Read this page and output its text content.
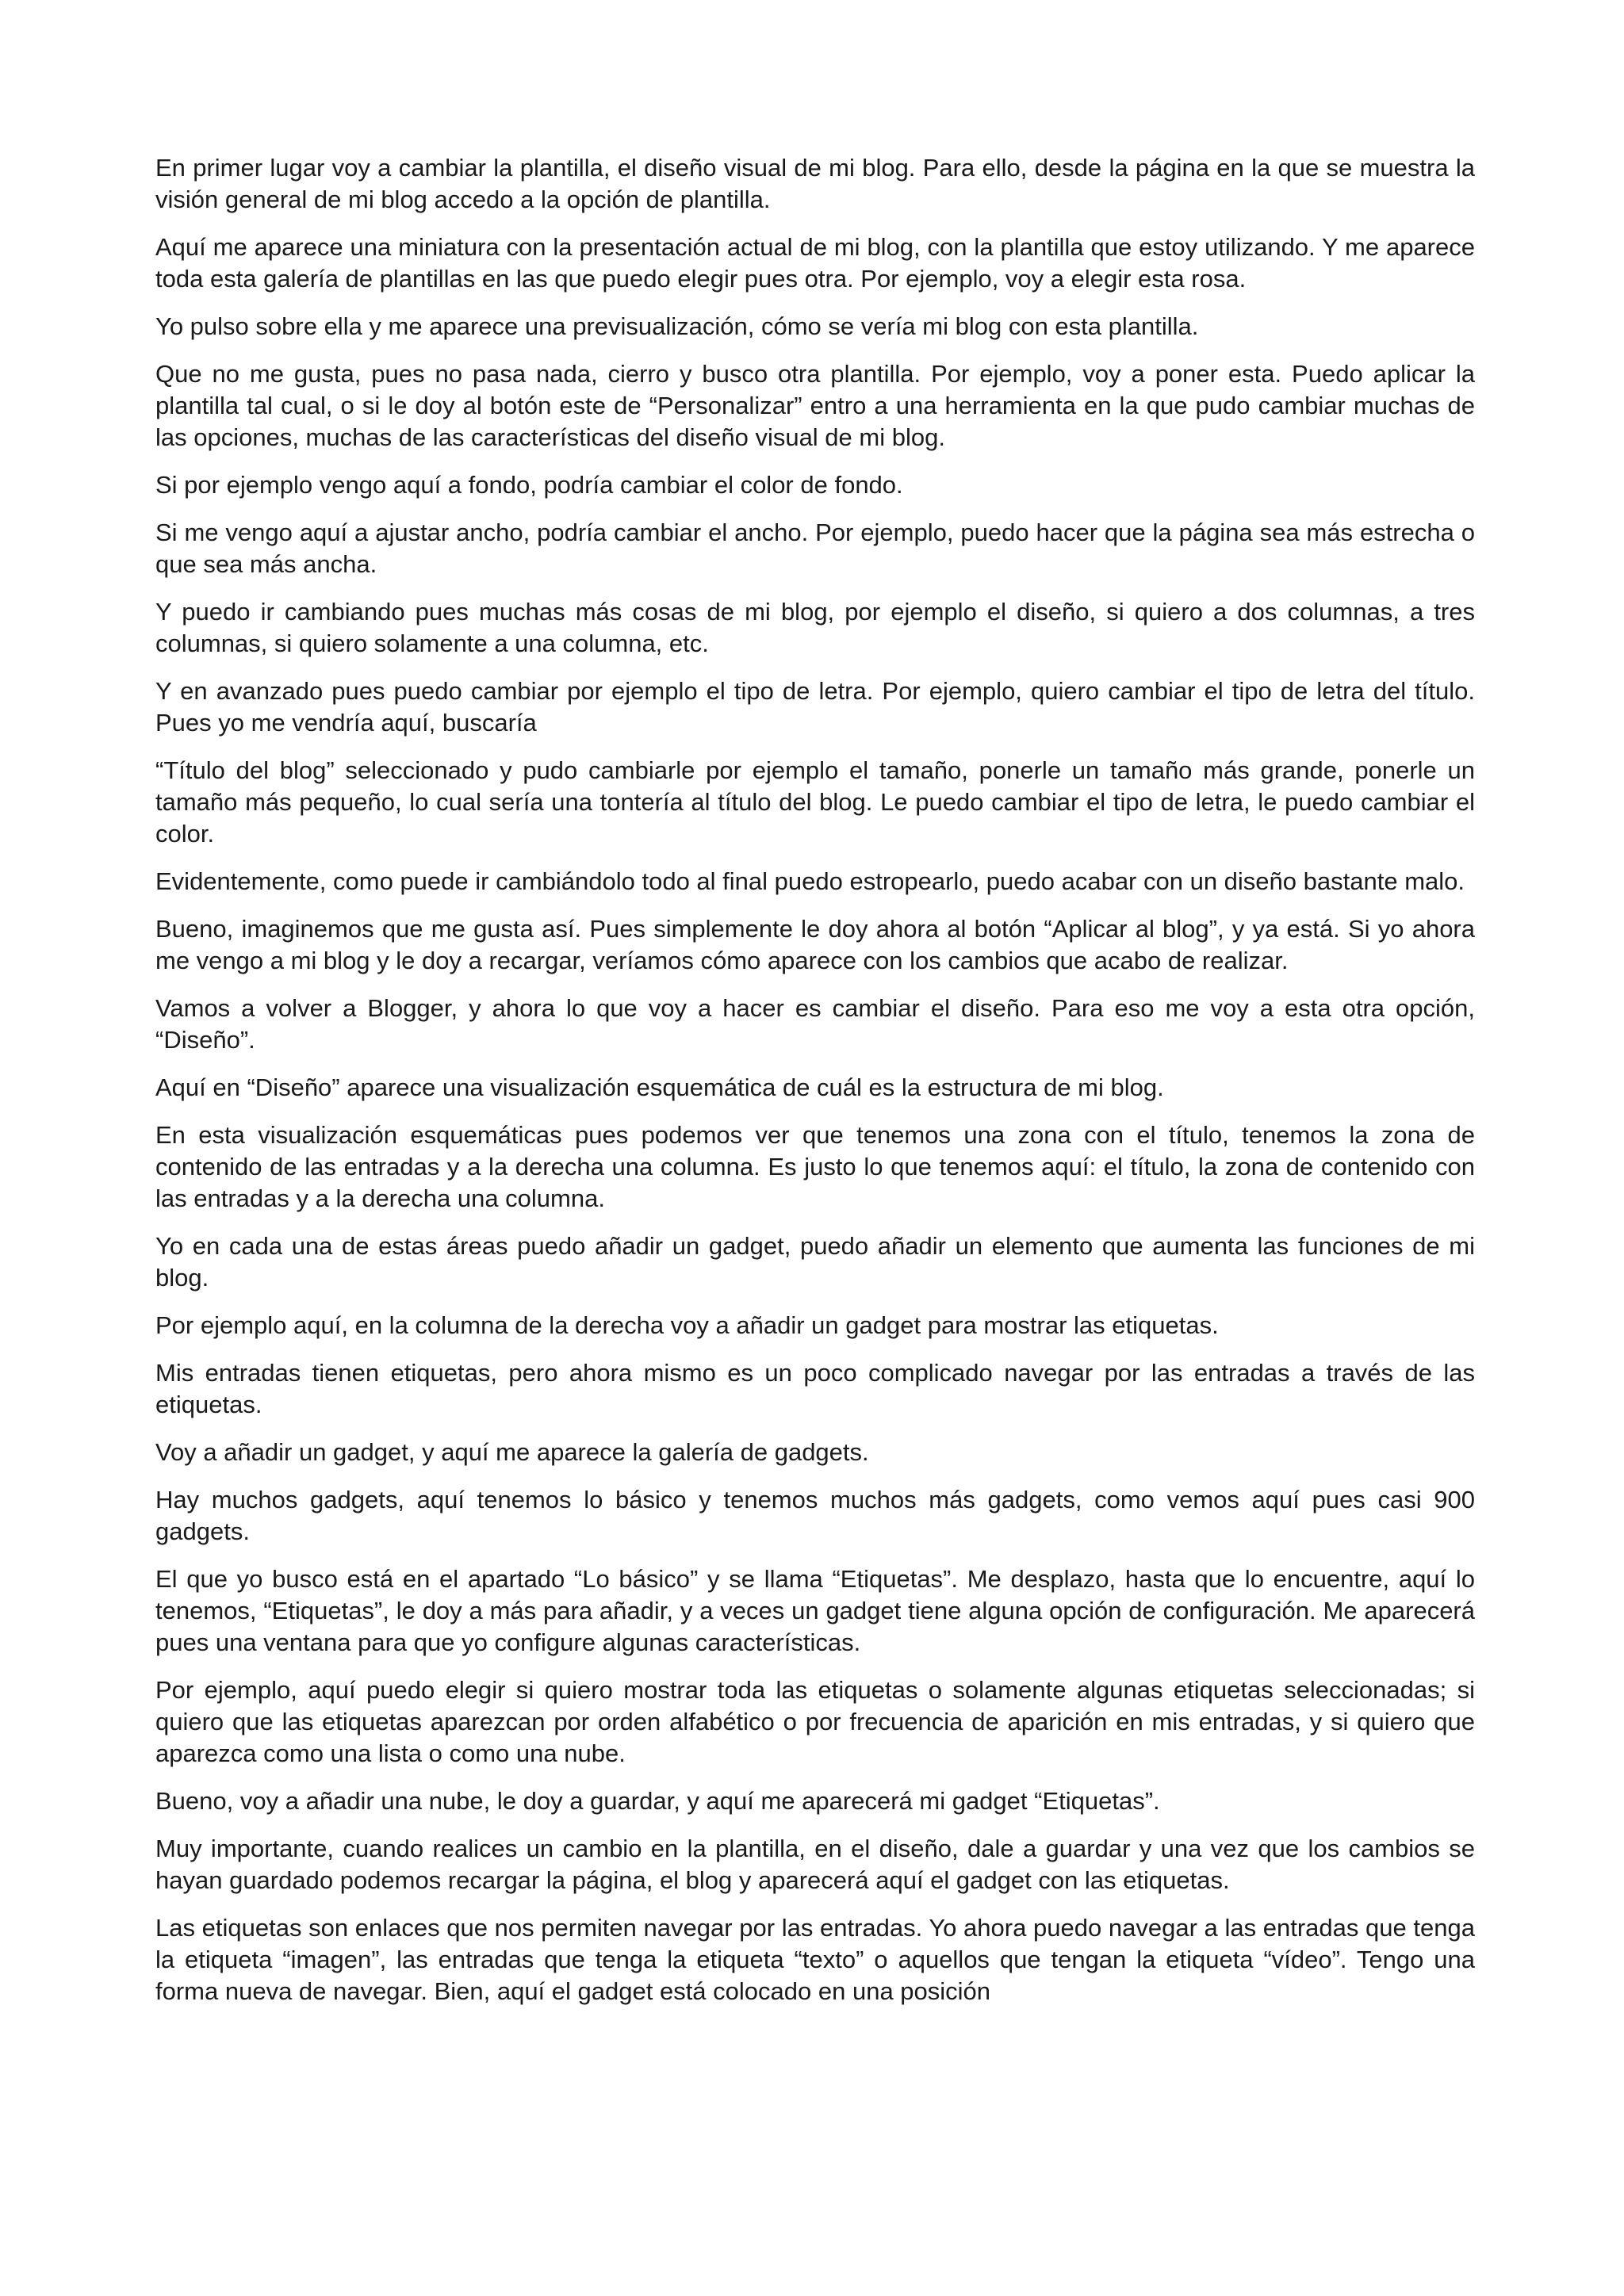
En primer lugar voy a cambiar la plantilla, el diseño visual de mi blog. Para ello, desde la página en la que se muestra la visión general de mi blog accedo a la opción de plantilla.

Aquí me aparece una miniatura con la presentación actual de mi blog, con la plantilla que estoy utilizando. Y me aparece toda esta galería de plantillas en las que puedo elegir pues otra. Por ejemplo, voy a elegir esta rosa.

Yo pulso sobre ella y me aparece una previsualización, cómo se vería mi blog con esta plantilla.

Que no me gusta, pues no pasa nada, cierro y busco otra plantilla. Por ejemplo, voy a poner esta. Puedo aplicar la plantilla tal cual, o si le doy al botón este de “Personalizar” entro a una herramienta en la que pudo cambiar muchas de las opciones, muchas de las características del diseño visual de mi blog.

Si por ejemplo vengo aquí a fondo, podría cambiar el color de fondo.

Si me vengo aquí a ajustar ancho, podría cambiar el ancho. Por ejemplo, puedo hacer que la página sea más estrecha o que sea más ancha.

Y puedo ir cambiando pues muchas más cosas de mi blog, por ejemplo el diseño, si quiero a dos columnas, a tres columnas, si quiero solamente a una columna, etc.

Y en avanzado pues puedo cambiar por ejemplo el tipo de letra. Por ejemplo, quiero cambiar el tipo de letra del título. Pues yo me vendría aquí, buscaría

“Título del blog” seleccionado y pudo cambiarle por ejemplo el tamaño, ponerle un tamaño más grande, ponerle un tamaño más pequeño, lo cual sería una tontería al título del blog. Le puedo cambiar el tipo de letra, le puedo cambiar el color.

Evidentemente, como puede ir cambiándolo todo al final puedo estropearlo, puedo acabar con un diseño bastante malo.

Bueno, imaginemos que me gusta así. Pues simplemente le doy ahora al botón “Aplicar al blog”, y ya está. Si yo ahora me vengo a mi blog y le doy a recargar, veríamos cómo aparece con los cambios que acabo de realizar.

Vamos a volver a Blogger, y ahora lo que voy a hacer es cambiar el diseño. Para eso me voy a esta otra opción, “Diseño”.

Aquí en “Diseño” aparece una visualización esquemática de cuál es la estructura de mi blog.

En esta visualización esquemáticas pues podemos ver que tenemos una zona con el título, tenemos la zona de contenido de las entradas y a la derecha una columna. Es justo lo que tenemos aquí: el título, la zona de contenido con las entradas y a la derecha una columna.

Yo en cada una de estas áreas puedo añadir un gadget, puedo añadir un elemento que aumenta las funciones de mi blog.

Por ejemplo aquí, en la columna de la derecha voy a añadir un gadget para mostrar las etiquetas.

Mis entradas tienen etiquetas, pero ahora mismo es un poco complicado navegar por las entradas a través de las etiquetas.

Voy a añadir un gadget, y aquí me aparece la galería de gadgets.

Hay muchos gadgets, aquí tenemos lo básico y tenemos muchos más gadgets, como vemos aquí pues casi 900 gadgets.

El que yo busco está en el apartado “Lo básico” y se llama “Etiquetas”. Me desplazo, hasta que lo encuentre, aquí lo tenemos, “Etiquetas”, le doy a más para añadir, y a veces un gadget tiene alguna opción de configuración. Me aparecerá pues una ventana para que yo configure algunas características.

Por ejemplo, aquí puedo elegir si quiero mostrar toda las etiquetas o solamente algunas etiquetas seleccionadas; si quiero que las etiquetas aparezcan por orden alfabético o por frecuencia de aparición en mis entradas, y si quiero que aparezca como una lista o como una nube.

Bueno, voy a añadir una nube, le doy a guardar, y aquí me aparecerá mi gadget “Etiquetas”.

Muy importante, cuando realices un cambio en la plantilla, en el diseño, dale a guardar y una vez que los cambios se hayan guardado podemos recargar la página, el blog y aparecerá aquí el gadget con las etiquetas.

Las etiquetas son enlaces que nos permiten navegar por las entradas. Yo ahora puedo navegar a las entradas que tenga la etiqueta “imagen”, las entradas que tenga la etiqueta “texto” o aquellos que tengan la etiqueta “vídeo”. Tengo una forma nueva de navegar. Bien, aquí el gadget está colocado en una posición
